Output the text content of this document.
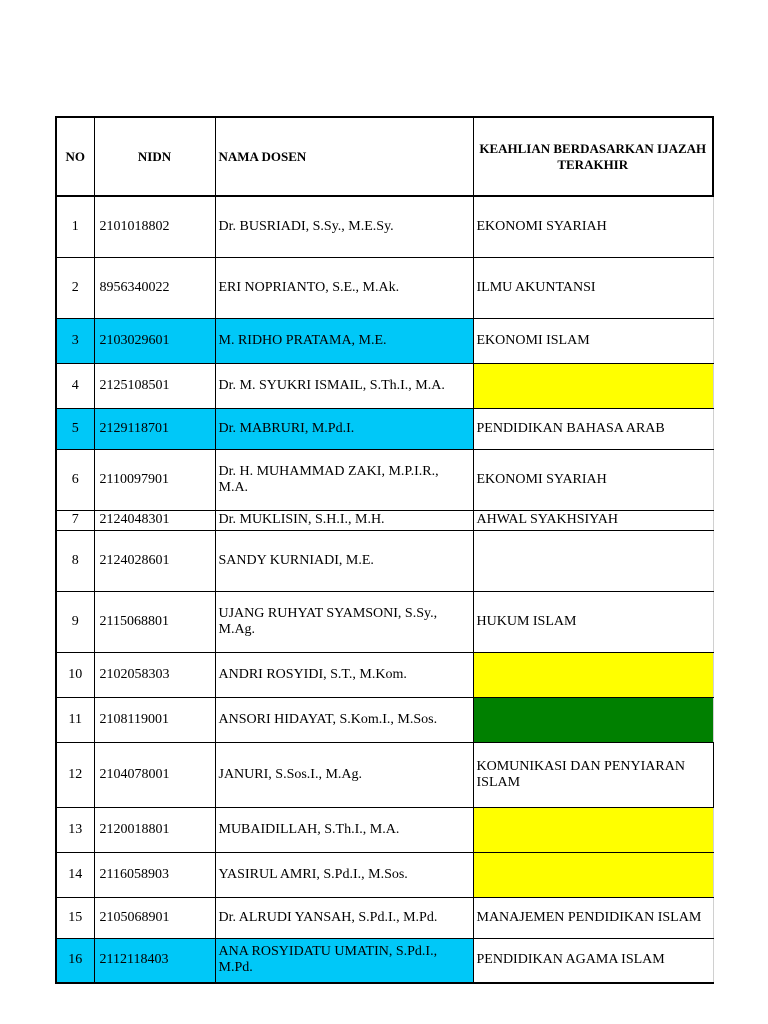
NO	NIDN	NAMA DOSEN	KEAHLIAN BERDASARKAN IJAZAH TERAKHIR
1	2101018802	Dr. BUSRIADI, S.Sy., M.E.Sy.	EKONOMI SYARIAH
2	8956340022	ERI NOPRIANTO, S.E., M.Ak.	ILMU AKUNTANSI
3	2103029601	M. RIDHO PRATAMA, M.E.	EKONOMI ISLAM
4	2125108501	Dr. M. SYUKRI ISMAIL, S.Th.I., M.A.	
5	2129118701	Dr. MABRURI, M.Pd.I.	PENDIDIKAN BAHASA ARAB
6	2110097901	Dr. H. MUHAMMAD ZAKI, M.P.I.R., M.A.	EKONOMI SYARIAH
7	2124048301	Dr. MUKLISIN, S.H.I., M.H.	AHWAL SYAKHSIYAH
8	2124028601	SANDY KURNIADI, M.E.	
9	2115068801	UJANG RUHYAT SYAMSONI, S.Sy., M.Ag.	HUKUM ISLAM
10	2102058303	ANDRI ROSYIDI, S.T., M.Kom.	
11	2108119001	ANSORI HIDAYAT, S.Kom.I., M.Sos.	
12	2104078001	JANURI, S.Sos.I., M.Ag.	KOMUNIKASI DAN PENYIARAN ISLAM
13	2120018801	MUBAIDILLAH, S.Th.I., M.A.	
14	2116058903	YASIRUL AMRI, S.Pd.I., M.Sos.	
15	2105068901	Dr. ALRUDI YANSAH, S.Pd.I., M.Pd.	MANAJEMEN PENDIDIKAN ISLAM
16	2112118403	ANA ROSYIDATU UMATIN, S.Pd.I., M.Pd.	PENDIDIKAN AGAMA ISLAM
